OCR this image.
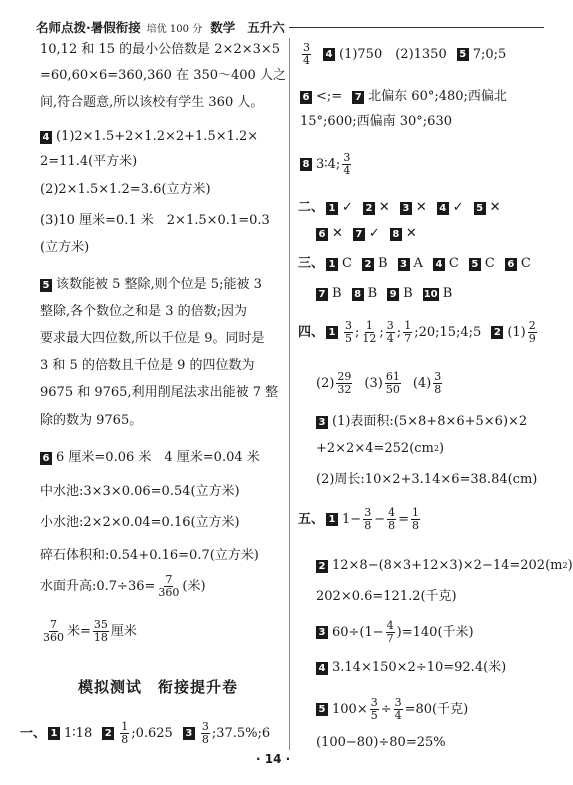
名师点拨·暑假衔接 培优 100 分 数学 五升六
10,12 和 15 的最小公倍数是 2×2×3×5
=60,60×6=360,360 在 350～400 人之
间,符合题意,所以该校有学生 360 人。
4 (1)2×1.5+2×1.2×2+1.5×1.2×
2=11.4(平方米)
(2)2×1.5×1.2=3.6(立方米)
(3)10 厘米=0.1 米　2×1.5×0.1=0.3
(立方米)
5 该数能被 5 整除,则个位是 5;能被 3
整除,各个数位之和是 3 的倍数;因为
要求最大四位数,所以千位是 9。同时是
3 和 5 的倍数且千位是 9 的四位数为
9675 和 9765,利用削尾法求出能被 7 整
除的数为 9765。
6 6 厘米=0.06 米　4 厘米=0.04 米
中水池:3×3×0.06=0.54(立方米)
小水池:2×2×0.04=0.16(立方米)
碎石体积和:0.54+0.16=0.7(立方米)
水面升高:0.7÷36= $\frac{7}{360}$ (米)
$\frac{7}{360}$ 米= $\frac{35}{18}$ 厘米
模拟测试　衔接提升卷
一、 1 1∶18 $2 \frac{1}{8}$ ;0.625 $3 \frac{3}{8}$ ;37.5%;6
$\frac{3}{4} 4$ (1)750　(2)1350 5 7;0;5
6 <;= 7 北偏东 60°;480;西偏北
15°;600;西偏南 30°;630
8 3∶4; $\frac{3}{4}$
二、 1 ✓ 2 ✕ 3 ✕ 4 ✓ 5 ✕
6 ✕ 7 ✓ 8 ✕
三、 1 C 2 B 3 A 4 C 5 C 6 C
7 B 8 B 9 B 10 B
四、 $1 \frac{3}{5}$ ; $\frac{1}{12}$ ; $\frac{3}{4}$ ; $\frac{1}{7}$ ;20;15;4;5 2 $(1) \frac{2}{9}$
$(2) \frac{29}{32} (3) \frac{61}{50} (4) \frac{3}{8}$
3 (1)表面积:(5×8+8×6+5×6)×2
+2×2×4=252(cm 2 )
(2)周长:10×2+3.14×6=38.84(cm)
五、 1 $1- \frac{3}{8} - \frac{4}{8} = \frac{1}{8}$
2 12×8−(8×3+12×3)×2−14=202(m 2 )
202×0.6=121.2(千克)
3 $60\div(1- \frac{4}{7} )=140$(千米)
4 3.14×150×2÷10=92.4(米)
5 $100\times \frac{3}{5} \div \frac{3}{4} =80$(千克)
(100−80)÷80=25%
· 14 ·
